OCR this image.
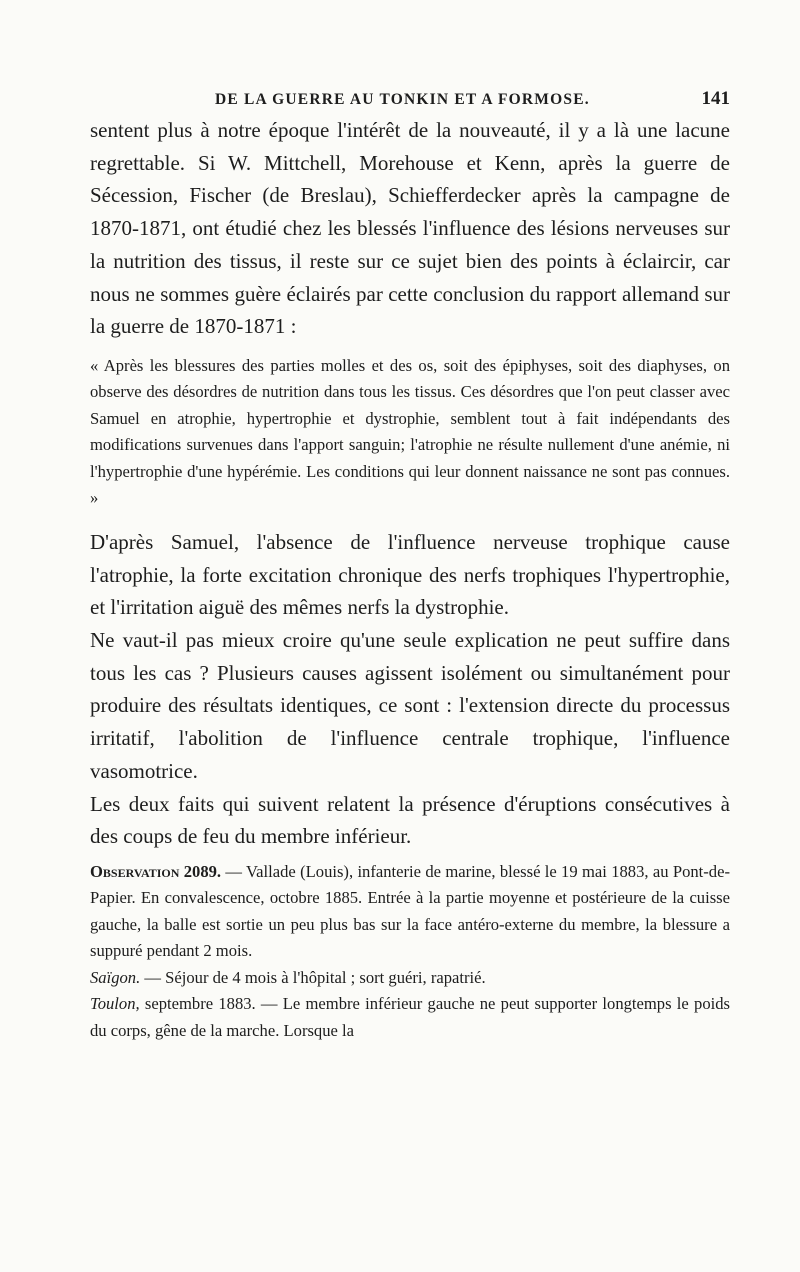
DE LA GUERRE AU TONKIN ET A FORMOSE.	141

sentent plus à notre époque l'intérêt de la nouveauté, il y a là une lacune regrettable. Si W. Mittchell, Morehouse et Kenn, après la guerre de Sécession, Fischer (de Breslau), Schiefferdecker après la campagne de 1870-1871, ont étudié chez les blessés l'influence des lésions nerveuses sur la nutrition des tissus, il reste sur ce sujet bien des points à éclaircir, car nous ne sommes guère éclairés par cette conclusion du rapport allemand sur la guerre de 1870-1871 :

« Après les blessures des parties molles et des os, soit des épiphyses, soit des diaphyses, on observe des désordres de nutrition dans tous les tissus. Ces désordres que l'on peut classer avec Samuel en atrophie, hypertrophie et dystrophie, semblent tout à fait indépendants des modifications survenues dans l'apport sanguin; l'atrophie ne résulte nullement d'une anémie, ni l'hypertrophie d'une hypérémie. Les conditions qui leur donnent naissance ne sont pas connues. »

D'après Samuel, l'absence de l'influence nerveuse trophique cause l'atrophie, la forte excitation chronique des nerfs trophiques l'hypertrophie, et l'irritation aiguë des mêmes nerfs la dystrophie.

Ne vaut-il pas mieux croire qu'une seule explication ne peut suffire dans tous les cas ? Plusieurs causes agissent isolément ou simultanément pour produire des résultats identiques, ce sont : l'extension directe du processus irritatif, l'abolition de l'influence centrale trophique, l'influence vasomotrice.

Les deux faits qui suivent relatent la présence d'éruptions consécutives à des coups de feu du membre inférieur.

Observation 2089. — Vallade (Louis), infanterie de marine, blessé le 19 mai 1883, au Pont-de-Papier. En convalescence, octobre 1885. Entrée à la partie moyenne et postérieure de la cuisse gauche, la balle est sortie un peu plus bas sur la face antéro-externe du membre, la blessure a suppuré pendant 2 mois.

Saïgon. — Séjour de 4 mois à l'hôpital ; sort guéri, rapatrié.

Toulon, septembre 1883. — Le membre inférieur gauche ne peut supporter longtemps le poids du corps, gêne de la marche. Lorsque la
